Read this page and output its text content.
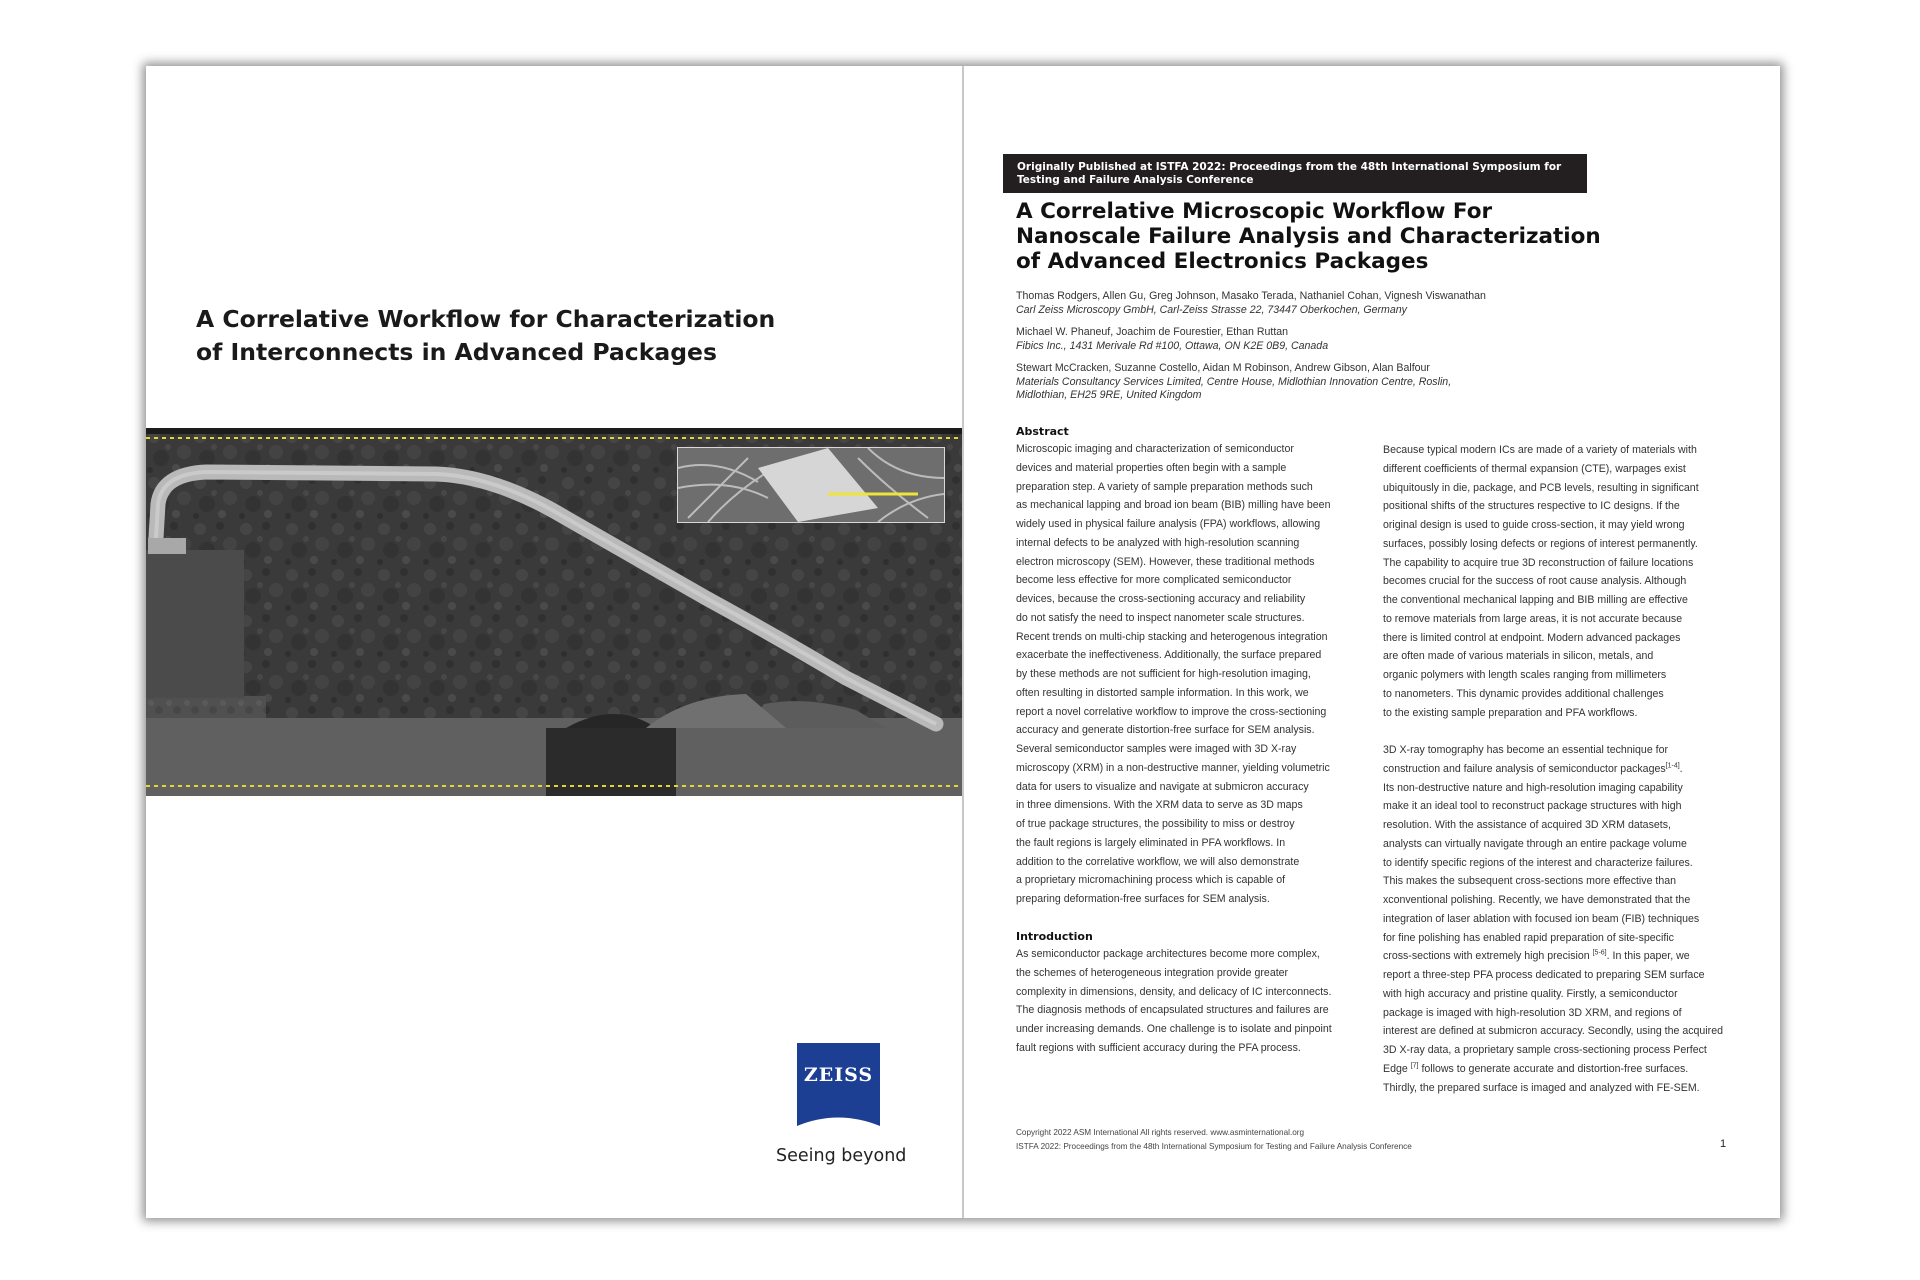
A Correlative Workflow for Characterization
of Interconnects in Advanced Packages
ZEISS
Seeing beyond
Originally Published at ISTFA 2022: Proceedings from the 48th International Symposium for
Testing and Failure Analysis Conference
A Correlative Microscopic Workflow For
Nanoscale Failure Analysis and Characterization
of Advanced Electronics Packages
Thomas Rodgers, Allen Gu, Greg Johnson, Masako Terada, Nathaniel Cohan, Vignesh Viswanathan
Carl Zeiss Microscopy GmbH, Carl-Zeiss Strasse 22, 73447 Oberkochen, Germany
Michael W. Phaneuf, Joachim de Fourestier, Ethan Ruttan
Fibics Inc., 1431 Merivale Rd #100, Ottawa, ON K2E 0B9, Canada
Stewart McCracken, Suzanne Costello, Aidan M Robinson, Andrew Gibson, Alan Balfour
Materials Consultancy Services Limited, Centre House, Midlothian Innovation Centre, Roslin,
Midlothian, EH25 9RE, United Kingdom
Abstract
Microscopic imaging and characterization of semiconductor
devices and material properties often begin with a sample
preparation step. A variety of sample preparation methods such
as mechanical lapping and broad ion beam (BIB) milling have been
widely used in physical failure analysis (FPA) workflows, allowing
internal defects to be analyzed with high-resolution scanning
electron microscopy (SEM). However, these traditional methods
become less effective for more complicated semiconductor
devices, because the cross-sectioning accuracy and reliability
do not satisfy the need to inspect nanometer scale structures.
Recent trends on multi-chip stacking and heterogenous integration
exacerbate the ineffectiveness. Additionally, the surface prepared
by these methods are not sufficient for high-resolution imaging,
often resulting in distorted sample information. In this work, we
report a novel correlative workflow to improve the cross-sectioning
accuracy and generate distortion-free surface for SEM analysis.
Several semiconductor samples were imaged with 3D X-ray
microscopy (XRM) in a non-destructive manner, yielding volumetric
data for users to visualize and navigate at submicron accuracy
in three dimensions. With the XRM data to serve as 3D maps
of true package structures, the possibility to miss or destroy
the fault regions is largely eliminated in PFA workflows. In
addition to the correlative workflow, we will also demonstrate
a proprietary micromachining process which is capable of
preparing deformation-free surfaces for SEM analysis.
Introduction
As semiconductor package architectures become more complex,
the schemes of heterogeneous integration provide greater
complexity in dimensions, density, and delicacy of IC interconnects.
The diagnosis methods of encapsulated structures and failures are
under increasing demands. One challenge is to isolate and pinpoint
fault regions with sufficient accuracy during the PFA process.
Because typical modern ICs are made of a variety of materials with
different coefficients of thermal expansion (CTE), warpages exist
ubiquitously in die, package, and PCB levels, resulting in significant
positional shifts of the structures respective to IC designs. If the
original design is used to guide cross-section, it may yield wrong
surfaces, possibly losing defects or regions of interest permanently.
The capability to acquire true 3D reconstruction of failure locations
becomes crucial for the success of root cause analysis. Although
the conventional mechanical lapping and BIB milling are effective
to remove materials from large areas, it is not accurate because
there is limited control at endpoint. Modern advanced packages
are often made of various materials in silicon, metals, and
organic polymers with length scales ranging from millimeters
to nanometers. This dynamic provides additional challenges
to the existing sample preparation and PFA workflows.
3D X-ray tomography has become an essential technique for
construction and failure analysis of semiconductor packages[1-4].
Its non-destructive nature and high-resolution imaging capability
make it an ideal tool to reconstruct package structures with high
resolution. With the assistance of acquired 3D XRM datasets,
analysts can virtually navigate through an entire package volume
to identify specific regions of the interest and characterize failures.
This makes the subsequent cross-sections more effective than
xconventional polishing. Recently, we have demonstrated that the
integration of laser ablation with focused ion beam (FIB) techniques
for fine polishing has enabled rapid preparation of site-specific
cross-sections with extremely high precision [5-6]. In this paper, we
report a three-step PFA process dedicated to preparing SEM surface
with high accuracy and pristine quality. Firstly, a semiconductor
package is imaged with high-resolution 3D XRM, and regions of
interest are defined at submicron accuracy. Secondly, using the acquired
3D X-ray data, a proprietary sample cross-sectioning process Perfect
Edge [7] follows to generate accurate and distortion-free surfaces.
Thirdly, the prepared surface is imaged and analyzed with FE-SEM.
Copyright 2022 ASM International All rights reserved. www.asminternational.org
ISTFA 2022: Proceedings from the 48th International Symposium for Testing and Failure Analysis Conference	1
